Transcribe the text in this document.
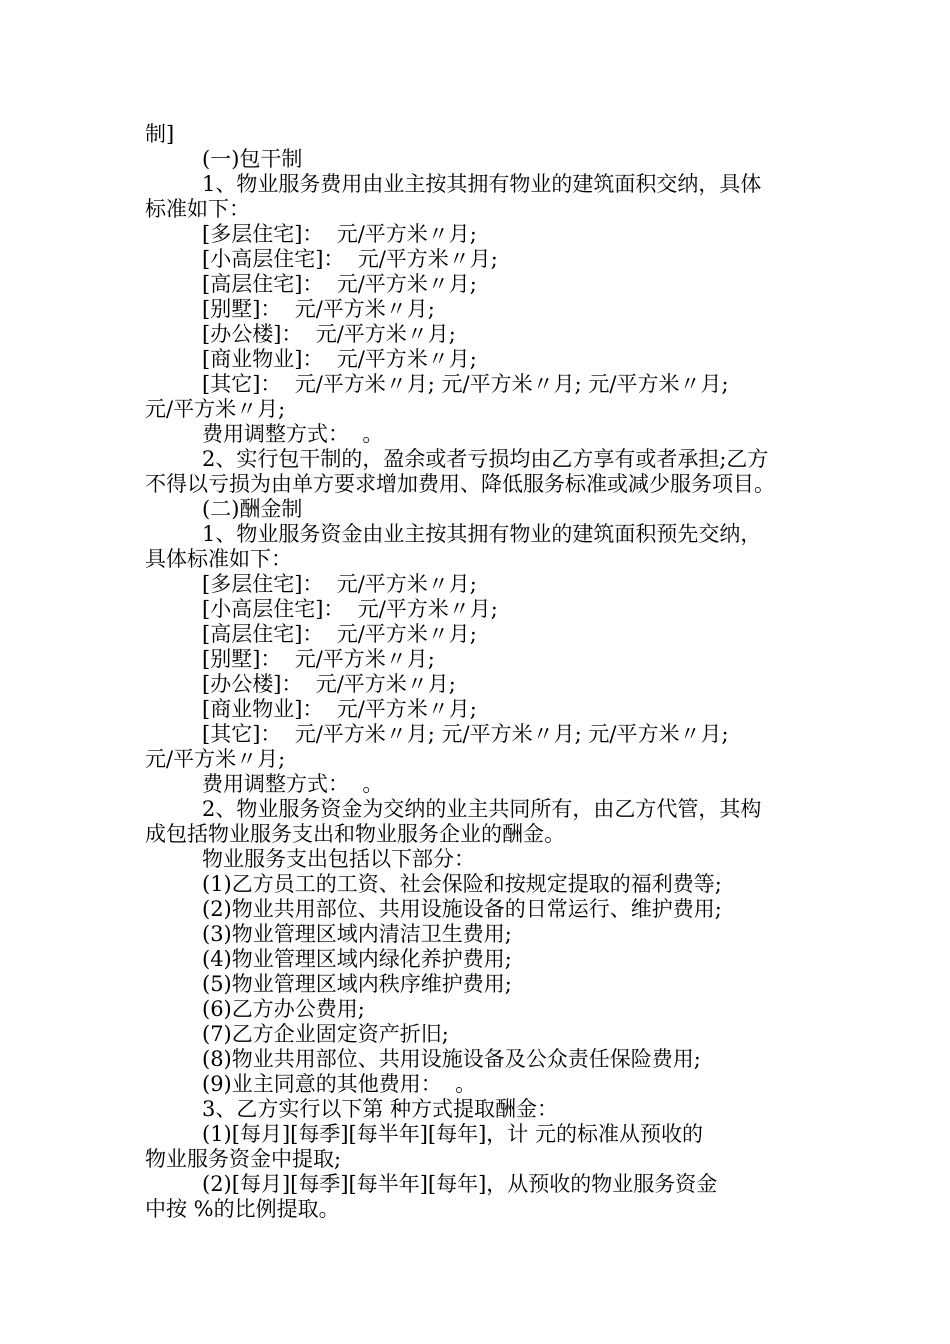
制]

(一)包干制

1、物业服务费用由业主按其拥有物业的建筑面积交纳，具体

标准如下：

[多层住宅]：  元/平方米〃月;

[小高层住宅]：  元/平方米〃月;

[高层住宅]：  元/平方米〃月;

[别墅]：  元/平方米〃月;

[办公楼]：  元/平方米〃月;

[商业物业]：  元/平方米〃月;

[其它]：  元/平方米〃月; 元/平方米〃月; 元/平方米〃月;

元/平方米〃月;

费用调整方式：  。

2、实行包干制的，盈余或者亏损均由乙方享有或者承担;乙方

不得以亏损为由单方要求增加费用、降低服务标准或减少服务项目。

(二)酬金制

1、物业服务资金由业主按其拥有物业的建筑面积预先交纳，

具体标准如下：

[多层住宅]：  元/平方米〃月;

[小高层住宅]：  元/平方米〃月;

[高层住宅]：  元/平方米〃月;

[别墅]：  元/平方米〃月;

[办公楼]：  元/平方米〃月;

[商业物业]：  元/平方米〃月;

[其它]：  元/平方米〃月; 元/平方米〃月; 元/平方米〃月;

元/平方米〃月;

费用调整方式：  。

2、物业服务资金为交纳的业主共同所有，由乙方代管，其构

成包括物业服务支出和物业服务企业的酬金。

物业服务支出包括以下部分：

(1)乙方员工的工资、社会保险和按规定提取的福利费等;

(2)物业共用部位、共用设施设备的日常运行、维护费用;

(3)物业管理区域内清洁卫生费用;

(4)物业管理区域内绿化养护费用;

(5)物业管理区域内秩序维护费用;

(6)乙方办公费用;

(7)乙方企业固定资产折旧;

(8)物业共用部位、共用设施设备及公众责任保险费用;

(9)业主同意的其他费用：  。

3、乙方实行以下第 种方式提取酬金：

(1)[每月][每季][每半年][每年]，计 元的标准从预收的

物业服务资金中提取;

(2)[每月][每季][每半年][每年]，从预收的物业服务资金

中按 %的比例提取。
